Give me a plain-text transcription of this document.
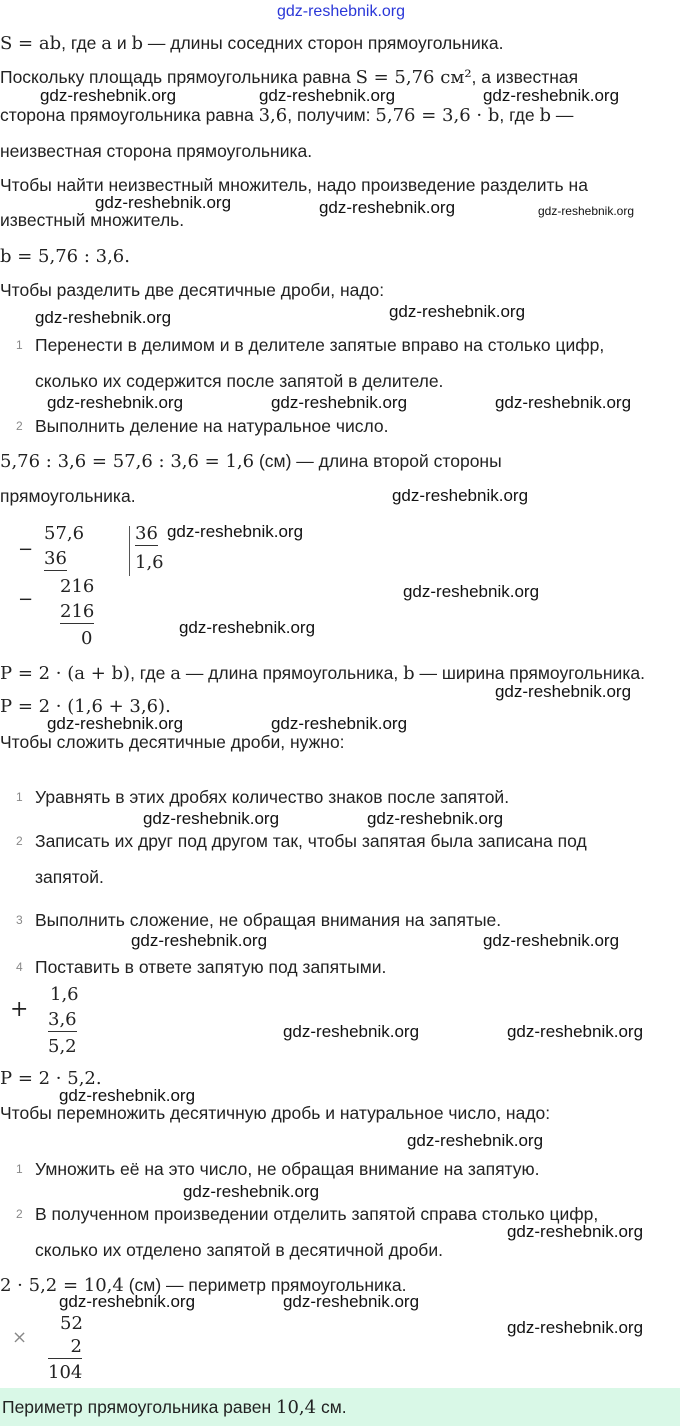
S = ab, где a и b — длины соседних сторон прямоугольника.
Поскольку площадь прямоугольника равна S = 5,76 см², а известная
сторона прямоугольника равна 3,6, получим: 5,76 = 3,6 · b, где b —
неизвестная сторона прямоугольника.
Чтобы найти неизвестный множитель, надо произведение разделить на
известный множитель.
b = 5,76 : 3,6.
Чтобы разделить две десятичные дроби, надо:
Перенести в делимом и в делителе запятые вправо на столько цифр,
сколько их содержится после запятой в делителе.
Выполнить деление на натуральное число.
5,76 : 3,6 = 57,6 : 3,6 = 1,6 (см) — длина второй стороны
прямоугольника.
P = 2 · (a + b), где a — длина прямоугольника, b — ширина прямоугольника.
P = 2 · (1,6 + 3,6).
Чтобы сложить десятичные дроби, нужно:
Уравнять в этих дробях количество знаков после запятой.
Записать их друг под другом так, чтобы запятая была записана под
запятой.
Выполнить сложение, не обращая внимания на запятые.
Поставить в ответе запятую под запятыми.
P = 2 · 5,2.
Чтобы перемножить десятичную дробь и натуральное число, надо:
Умножить её на это число, не обращая внимание на запятую.
В полученном произведении отделить запятой справа столько цифр,
сколько их отделено запятой в десятичной дроби.
2 · 5,2 = 10,4 (см) — периметр прямоугольника.
1
2
1
2
3
4
1
2
−
57,6
36
36
1,6
−
216
216
0
+
1,6
3,6
5,2
×
52
2
104
Периметр прямоугольника равен 10,4 см.
gdz-reshebnik.org
gdz-reshebnik.org	gdz-reshebnik.org	gdz-reshebnik.org
gdz-reshebnik.org	gdz-reshebnik.org	gdz-reshebnik.org
gdz-reshebnik.org
gdz-reshebnik.org
gdz-reshebnik.org	gdz-reshebnik.org	gdz-reshebnik.org
gdz-reshebnik.org
gdz-reshebnik.org
gdz-reshebnik.org
gdz-reshebnik.org
gdz-reshebnik.org
gdz-reshebnik.org	gdz-reshebnik.org
gdz-reshebnik.org	gdz-reshebnik.org
gdz-reshebnik.org	gdz-reshebnik.org
gdz-reshebnik.org	gdz-reshebnik.org
gdz-reshebnik.org
gdz-reshebnik.org
gdz-reshebnik.org
gdz-reshebnik.org
gdz-reshebnik.org	gdz-reshebnik.org
gdz-reshebnik.org
